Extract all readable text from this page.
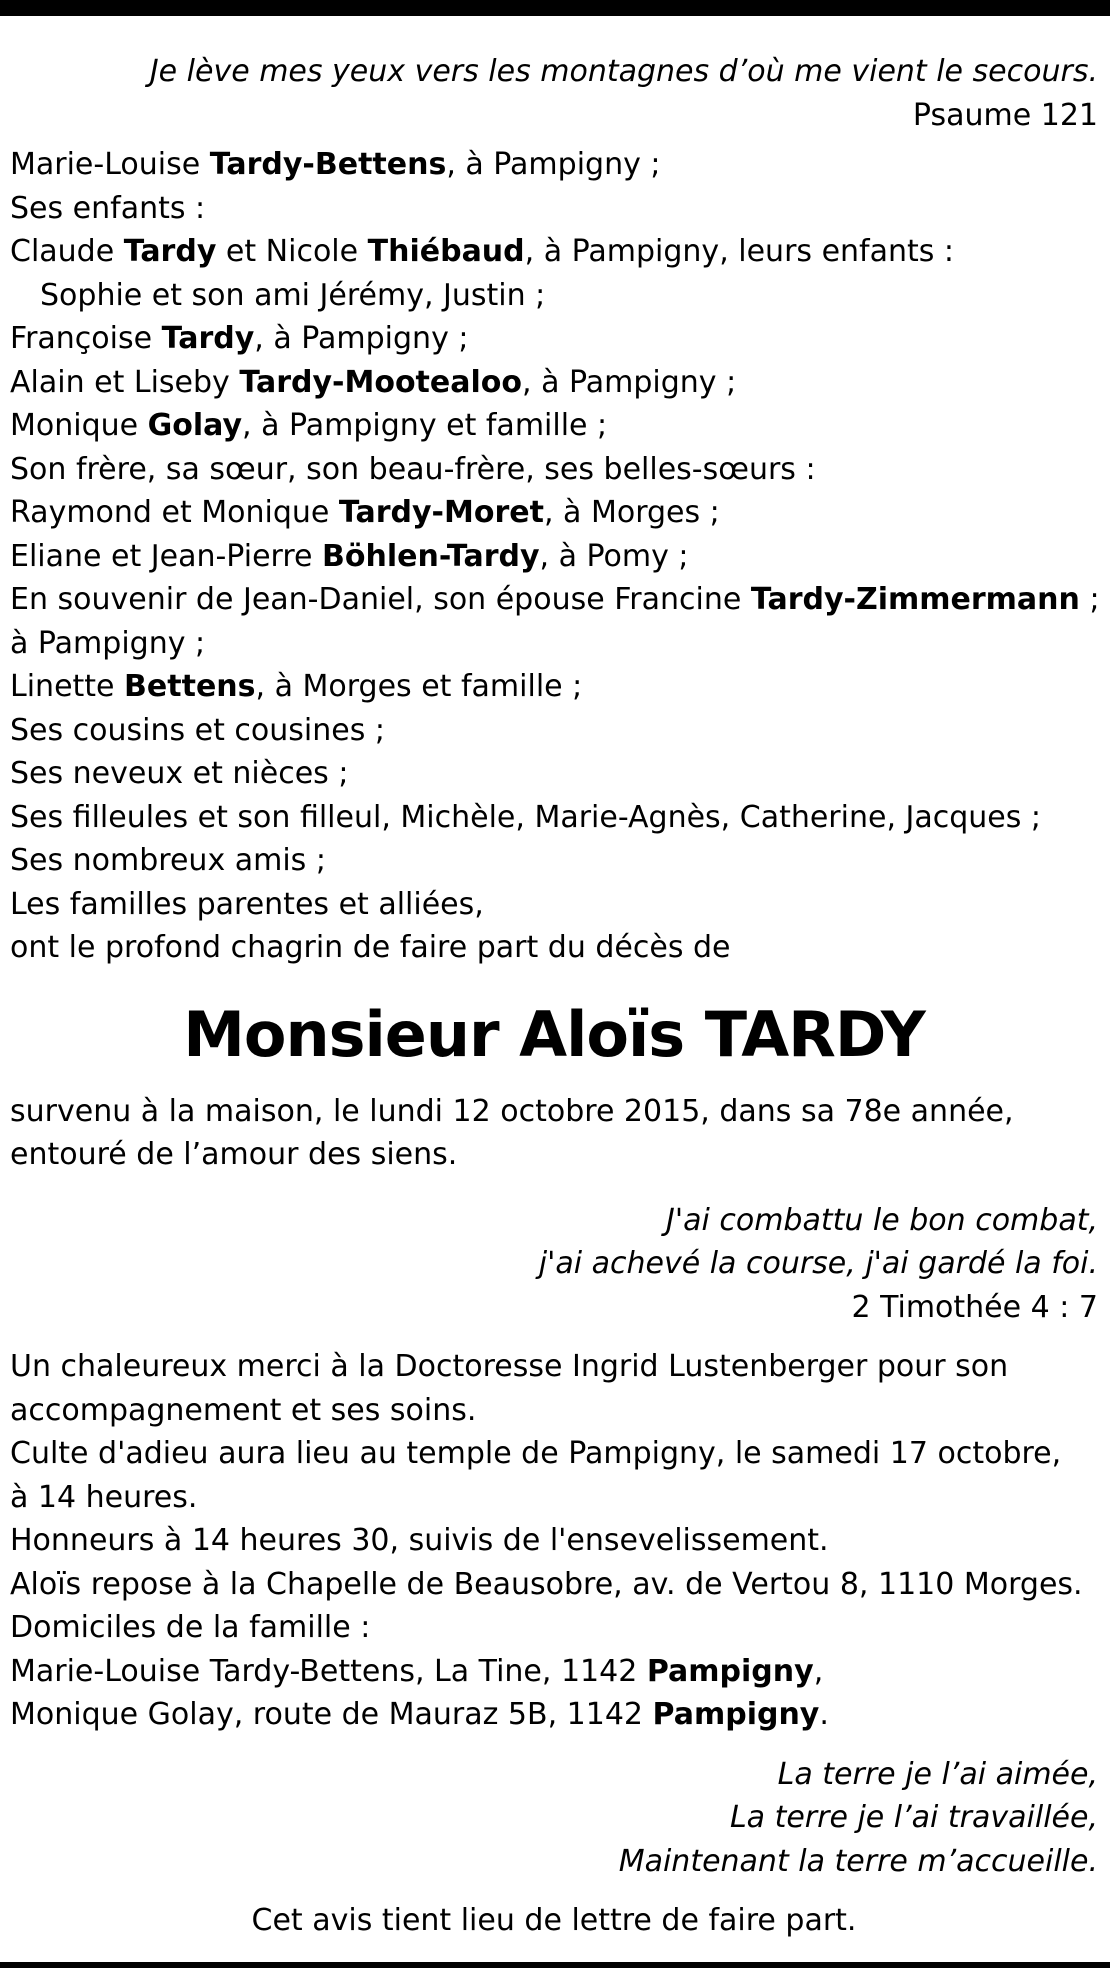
Je lève mes yeux vers les montagnes d’où me vient le secours.
Psaume 121
Marie-Louise Tardy-Bettens, à Pampigny ;
Ses enfants :
Claude Tardy et Nicole Thiébaud, à Pampigny, leurs enfants :
Sophie et son ami Jérémy, Justin ;
Françoise Tardy, à Pampigny ;
Alain et Liseby Tardy-Mootealoo, à Pampigny ;
Monique Golay, à Pampigny et famille ;
Son frère, sa sœur, son beau-frère, ses belles-sœurs :
Raymond et Monique Tardy-Moret, à Morges ;
Eliane et Jean-Pierre Böhlen-Tardy, à Pomy ;
En souvenir de Jean-Daniel, son épouse Francine Tardy-Zimmermann ;
à Pampigny ;
Linette Bettens, à Morges et famille ;
Ses cousins et cousines ;
Ses neveux et nièces ;
Ses filleules et son filleul, Michèle, Marie-Agnès, Catherine, Jacques ;
Ses nombreux amis ;
Les familles parentes et alliées,
ont le profond chagrin de faire part du décès de
Monsieur Aloïs TARDY
survenu à la maison, le lundi 12 octobre 2015, dans sa 78e année,
entouré de l’amour des siens.
J'ai combattu le bon combat,
j'ai achevé la course, j'ai gardé la foi.
2 Timothée 4 : 7
Un chaleureux merci à la Doctoresse Ingrid Lustenberger pour son
accompagnement et ses soins.
Culte d'adieu aura lieu au temple de Pampigny, le samedi 17 octobre,
à 14 heures.
Honneurs à 14 heures 30, suivis de l'ensevelissement.
Aloïs repose à la Chapelle de Beausobre, av. de Vertou 8, 1110 Morges.
Domiciles de la famille :
Marie-Louise Tardy-Bettens, La Tine, 1142 Pampigny,
Monique Golay, route de Mauraz 5B, 1142 Pampigny.
La terre je l’ai aimée,
La terre je l’ai travaillée,
Maintenant la terre m’accueille.
Cet avis tient lieu de lettre de faire part.
